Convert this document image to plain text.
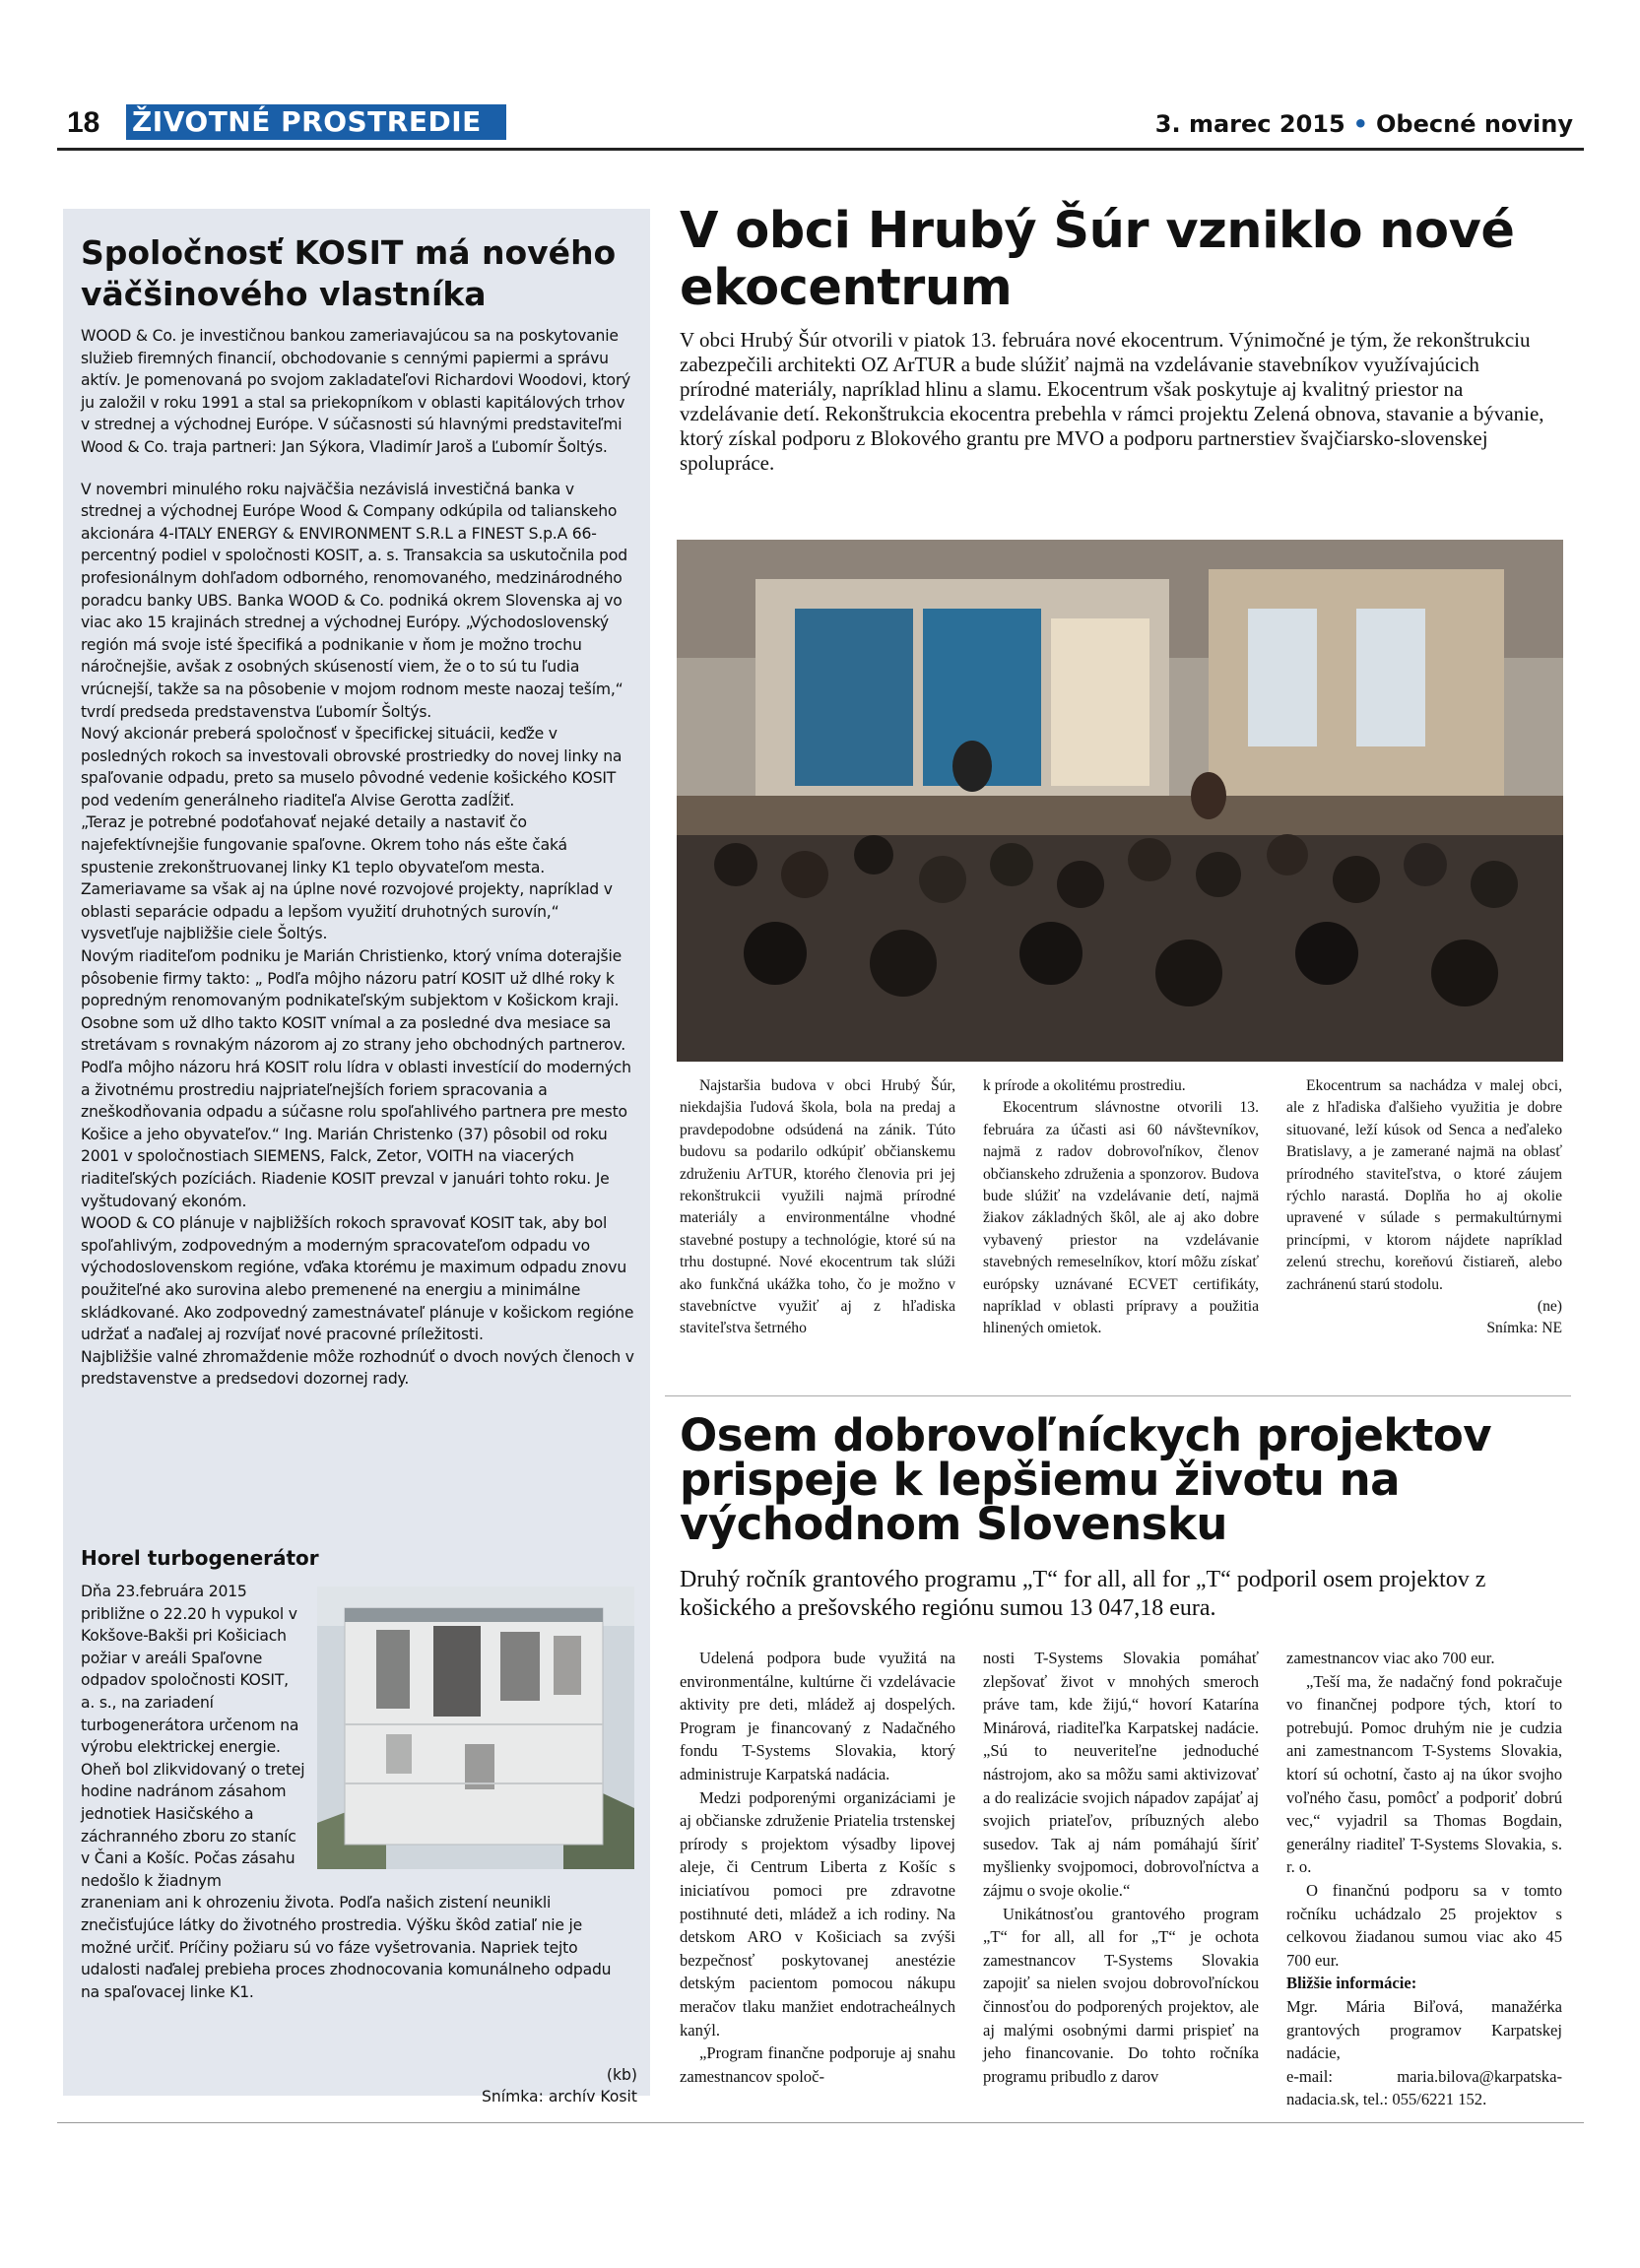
18 ŽIVOTNÉ PROSTREDIE	3. marec 2015 • Obecné noviny
Spoločnosť KOSIT má nového väčšinového vlastníka

WOOD & Co. je investičnou bankou zameriavajúcou sa na poskytovanie služieb firemných financií, obchodovanie s cennými papiermi a správu aktív. Je pomenovaná po svojom zakladateľovi Richardovi Woodovi, ktorý ju založil v roku 1991 a stal sa priekopníkom v oblasti kapitálových trhov v strednej a východnej Európe. V súčasnosti sú hlavnými predstaviteľmi Wood & Co. traja partneri: Jan Sýkora, Vladimír Jaroš a Ľubomír Šoltýs.

V novembri minulého roku najväčšia nezávislá investičná banka v strednej a východnej Európe Wood & Company odkúpila od talianskeho akcionára 4-ITALY ENERGY & ENVIRONMENT S.R.L a FINEST S.p.A 66-percentný podiel v spoločnosti KOSIT, a. s. Transakcia sa uskutočnila pod profesionálnym dohľadom odborného, renomovaného, medzinárodného poradcu banky UBS. Banka WOOD & Co. podniká okrem Slovenska aj vo viac ako 15 krajinách strednej a východnej Európy. „Východoslovenský región má svoje isté špecifiká a podnikanie v ňom je možno trochu náročnejšie, avšak z osobných skúseností viem, že o to sú tu ľudia vrúcnejší, takže sa na pôsobenie v mojom rodnom meste naozaj teším,“ tvrdí predseda predstavenstva Ľubomír Šoltýs.

Nový akcionár preberá spoločnosť v špecifickej situácii, keďže v posledných rokoch sa investovali obrovské prostriedky do novej linky na spaľovanie odpadu, preto sa muselo pôvodné vedenie košického KOSIT pod vedením generálneho riaditeľa Alvise Gerotta zadĺžiť.

„Teraz je potrebné podoťahovať nejaké detaily a nastaviť čo najefektívnejšie fungovanie spaľovne. Okrem toho nás ešte čaká spustenie zrekonštruovanej linky K1 teplo obyvateľom mesta. Zameriavame sa však aj na úplne nové rozvojové projekty, napríklad v oblasti separácie odpadu a lepšom využití druhotných surovín,“ vysvetľuje najbližšie ciele Šoltýs.

Novým riaditeľom podniku je Marián Christienko, ktorý vníma doterajšie pôsobenie firmy takto: „ Podľa môjho názoru patrí KOSIT už dlhé roky k popredným renomovaným podnikateľským subjektom v Košickom kraji. Osobne som už dlho takto KOSIT vnímal a za posledné dva mesiace sa stretávam s rovnakým názorom aj zo strany jeho obchodných partnerov. Podľa môjho názoru hrá KOSIT rolu lídra v oblasti investícií do moderných a životnému prostrediu najpriateľnejších foriem spracovania a zneškodňovania odpadu a súčasne rolu spoľahlivého partnera pre mesto Košice a jeho obyvateľov.“ Ing. Marián Christenko (37) pôsobil od roku 2001 v spoločnostiach SIEMENS, Falck, Zetor, VOITH na viacerých riaditeľských pozíciách. Riadenie KOSIT prevzal v januári tohto roku. Je vyštudovaný ekonóm.

WOOD & CO plánuje v najbližších rokoch spravovať KOSIT tak, aby bol spoľahlivým, zodpovedným a moderným spracovateľom odpadu vo východoslovenskom regióne, vďaka ktorému je maximum odpadu znovu použiteľné ako surovina alebo premenené na energiu a minimálne skládkované. Ako zodpovedný zamestnávateľ plánuje v košickom regióne udržať a naďalej aj rozvíjať nové pracovné príležitosti.

Najbližšie valné zhromaždenie môže rozhodnúť o dvoch nových členoch v predstavenstve a predsedovi dozornej rady.

Horel turbogenerátor
Dňa 23.februára 2015 približne o 22.20 h vypukol v Kokšove-Bakši pri Košiciach požiar v areáli Spaľovne odpadov spoločnosti KOSIT, a. s., na zariadení turbogenerátora určenom na výrobu elektrickej energie. Oheň bol zlikvidovaný o tretej hodine nadránom zásahom jednotiek Hasičského a záchranného zboru zo staníc v Čani a Košíc. Počas zásahu nedošlo k žiadnym zraneniam ani k ohrozeniu života. Podľa našich zistení neunikli znečisťujúce látky do životného prostredia. Výšku škôd zatiaľ nie je možné určiť. Príčiny požiaru sú vo fáze vyšetrovania. Napriek tejto udalosti naďalej prebieha proces zhodnocovania komunálneho odpadu na spaľovacej linke K1.
(kb)
Snímka: archív Kosit
V obci Hrubý Šúr vzniklo nové ekocentrum
V obci Hrubý Šúr otvorili v piatok 13. februára nové ekocentrum. Výnimočné je tým, že rekonštrukciu zabezpečili architekti OZ ArTUR a bude slúžiť najmä na vzdelávanie stavebníkov využívajúcich prírodné materiály, napríklad hlinu a slamu. Ekocentrum však poskytuje aj kvalitný priestor na vzdelávanie detí. Rekonštrukcia ekocentra prebehla v rámci projektu Zelená obnova, stavanie a bývanie, ktorý získal podporu z Blokového grantu pre MVO a podporu partnerstiev švajčiarsko-slovenskej spolupráce.

Najstaršia budova v obci Hrubý Šúr, niekdajšia ľudová škola, bola na predaj a pravdepodobne odsúdená na zánik. Túto budovu sa podarilo odkúpiť občianskemu združeniu ArTUR, ktorého členovia pri jej rekonštrukcii využili najmä prírodné materiály a environmentálne vhodné stavebné postupy a technológie, ktoré sú na trhu dostupné. Nové ekocentrum tak slúži ako funkčná ukážka toho, čo je možno v stavebníctve využiť aj z hľadiska staviteľstva šetrného

k prírode a okolitému prostrediu.

Ekocentrum slávnostne otvorili 13. februára za účasti asi 60 návštevníkov, najmä z radov dobrovoľníkov, členov občianskeho združenia a sponzorov. Budova bude slúžiť na vzdelávanie detí, najmä žiakov základných škôl, ale aj ako dobre vybavený priestor na vzdelávanie stavebných remeselníkov, ktorí môžu získať európsky uznávané ECVET certifikáty, napríklad v oblasti prípravy a použitia hlinených omietok.

Ekocentrum sa nachádza v malej obci, ale z hľadiska ďalšieho využitia je dobre situované, leží kúsok od Senca a neďaleko Bratislavy, a je zamerané najmä na oblasť prírodného staviteľstva, o ktoré záujem rýchlo narastá. Doplňa ho aj okolie upravené v súlade s permakultúrnymi princípmi, v ktorom nájdete napríklad zelenú strechu, koreňovú čistiareň, alebo zachránenú starú stodolu.

(ne)

Snímka: NE

Osem dobrovoľníckych projektov prispeje k lepšiemu životu na východnom Slovensku
Druhý ročník grantového programu „T“ for all, all for „T“ podporil osem projektov z košického a prešovského regiónu sumou 13 047,18 eura.

Udelená podpora bude využitá na environmentálne, kultúrne či vzdelávacie aktivity pre deti, mládež aj dospelých. Program je financovaný z Nadačného fondu T-Systems Slovakia, ktorý administruje Karpatská nadácia.

Medzi podporenými organizáciami je aj občianske združenie Priatelia trstenskej prírody s projektom výsadby lipovej aleje, či Centrum Liberta z Košíc s iniciatívou pomoci pre zdravotne postihnuté deti, mládež a ich rodiny. Na detskom ARO v Košiciach sa zvýši bezpečnosť poskytovanej anestézie detským pacientom pomocou nákupu meračov tlaku manžiet endotracheálnych kanýl.

„Program finančne podporuje aj snahu zamestnancov spoloč-

nosti T-Systems Slovakia pomáhať zlepšovať život v mnohých smeroch práve tam, kde žijú,“ hovorí Katarína Minárová, riaditeľka Karpatskej nadácie. „Sú to neuveriteľne jednoduché nástrojom, ako sa môžu sami aktivizovať a do realizácie svojich nápadov zapájať aj svojich priateľov, príbuzných alebo susedov. Tak aj nám pomáhajú šíriť myšlienky svojpomoci, dobrovoľníctva a zájmu o svoje okolie.“

Unikátnosťou grantového program „T“ for all, all for „T“ je ochota zamestnancov T-Systems Slovakia zapojiť sa nielen svojou dobrovoľníckou činnosťou do podporených projektov, ale aj malými osobnými darmi prispieť na jeho financovanie. Do tohto ročníka programu pribudlo z darov

zamestnancov viac ako 700 eur.

„Teší ma, že nadačný fond pokračuje vo finančnej podpore tých, ktorí to potrebujú. Pomoc druhým nie je cudzia ani zamestnancom T-Systems Slovakia, ktorí sú ochotní, často aj na úkor svojho voľného času, pomôcť a podporiť dobrú vec,“ vyjadril sa Thomas Bogdain, generálny riaditeľ T-Systems Slovakia, s. r. o.

O finančnú podporu sa v tomto ročníku uchádzalo 25 projektov s celkovou žiadanou sumou viac ako 45 700 eur.

Bližšie informácie:

Mgr. Mária Biľová, manažérka grantových programov Karpatskej nadácie,

e-mail: maria.bilova@karpatska-nadacia.sk, tel.: 055/6221 152.
